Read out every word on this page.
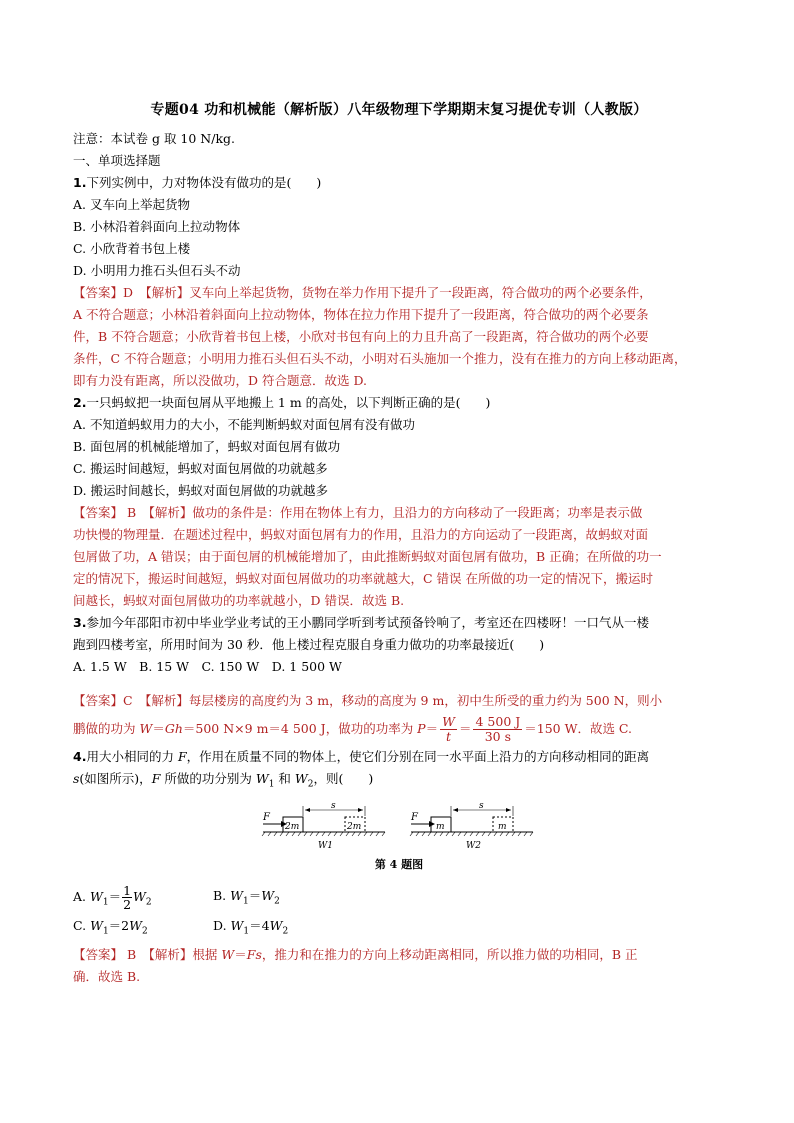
专题04 功和机械能（解析版）八年级物理下学期期末复习提优专训（人教版）
注意：本试卷 g 取 10 N/kg.
一、单项选择题
1.下列实例中，力对物体没有做功的是(　　)
A. 叉车向上举起货物
B. 小林沿着斜面向上拉动物体
C. 小欣背着书包上楼
D. 小明用力推石头但石头不动
【答案】D　【解析】叉车向上举起货物，货物在举力作用下提升了一段距离，符合做功的两个必要条件，
A 不符合题意；小林沿着斜面向上拉动物体，物体在拉力作用下提升了一段距离，符合做功的两个必要条
件，B 不符合题意；小欣背着书包上楼，小欣对书包有向上的力且升高了一段距离，符合做功的两个必要
条件，C 不符合题意；小明用力推石头但石头不动，小明对石头施加一个推力，没有在推力的方向上移动距离，
即有力没有距离，所以没做功，D 符合题意．故选 D.
2.一只蚂蚁把一块面包屑从平地搬上 1 m 的高处，以下判断正确的是(　　)
A. 不知道蚂蚁用力的大小，不能判断蚂蚁对面包屑有没有做功
B. 面包屑的机械能增加了，蚂蚁对面包屑有做功
C. 搬运时间越短，蚂蚁对面包屑做的功就越多
D. 搬运时间越长，蚂蚁对面包屑做的功就越多
【答案】 B　【解析】做功的条件是：作用在物体上有力，且沿力的方向移动了一段距离；功率是表示做
功快慢的物理量．在题述过程中，蚂蚁对面包屑有力的作用，且沿力的方向运动了一段距离，故蚂蚁对面
包屑做了功，A 错误；由于面包屑的机械能增加了，由此推断蚂蚁对面包屑有做功，B 正确；在所做的功一
定的情况下，搬运时间越短，蚂蚁对面包屑做功的功率就越大，C 错误 在所做的功一定的情况下，搬运时
间越长，蚂蚁对面包屑做功的功率就越小，D 错误．故选 B.
3.参加今年邵阳市初中毕业学业考试的王小鹏同学听到考试预备铃响了，考室还在四楼呀！一口气从一楼
跑到四楼考室，所用时间为 30 秒．他上楼过程克服自身重力做功的功率最接近(　　)
A. 1.5 W　B. 15 W　C. 150 W　D. 1 500 W
【答案】C　【解析】每层楼房的高度约为 3 m，移动的高度为 9 m，初中生所受的重力约为 500 N，则小
鹏做的功为 W＝Gh＝500 N×9 m＝4 500 J，做功的功率为 $P= \frac{W}{t} = \frac{4 500 J}{30 s} =150$ W．故选 C.
4.用大小相同的力 F，作用在质量不同的物体上，使它们分别在同一水平面上沿力的方向移动相同的距离
s(如图所示)，F 所做的功分别为 $W_1$ 和 $W_2$，则(　　)
F
2m	2m
s
W1
F
m	m
s
W2
第 4 题图
A. $W_1= \frac{1}{2} W_2$	B. $W_1=W_2$
C. $W_1=2W_2$	D. $W_1=4W_2$
【答案】 B　【解析】根据 W＝Fs，推力和在推力的方向上移动距离相同，所以推力做的功相同，B 正
确．故选 B.
